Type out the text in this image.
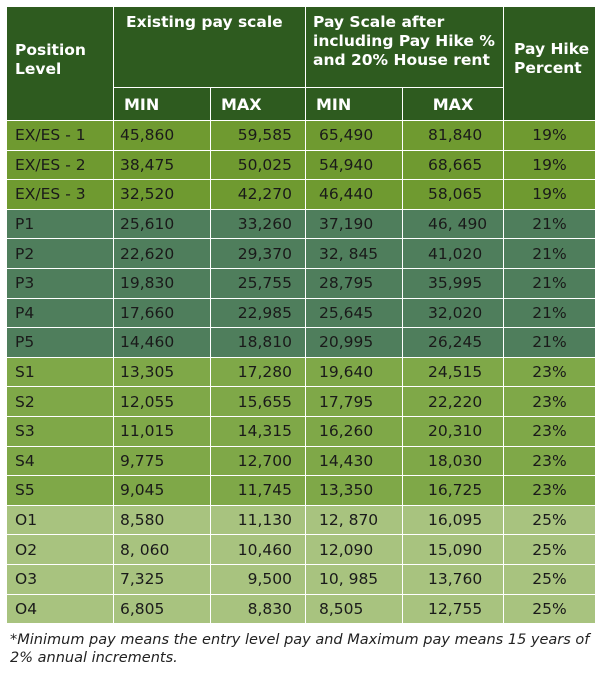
Position Level	Existing pay scale		Pay Scale after including Pay Hike % and 20% House rent		Pay Hike Percent
	MIN	MAX	MIN	MAX	
EX/ES - 1	45,860	59,585	65,490	81,840	19%
EX/ES - 2	38,475	50,025	54,940	68,665	19%
EX/ES - 3	32,520	42,270	46,440	58,065	19%
P1	25,610	33,260	37,190	46, 490	21%
P2	22,620	29,370	32, 845	41,020	21%
P3	19,830	25,755	28,795	35,995	21%
P4	17,660	22,985	25,645	32,020	21%
P5	14,460	18,810	20,995	26,245	21%
S1	13,305	17,280	19,640	24,515	23%
S2	12,055	15,655	17,795	22,220	23%
S3	11,015	14,315	16,260	20,310	23%
S4	9,775	12,700	14,430	18,030	23%
S5	9,045	11,745	13,350	16,725	23%
O1	8,580	11,130	12, 870	16,095	25%
O2	8, 060	10,460	12,090	15,090	25%
O3	7,325	9,500	10, 985	13,760	25%
O4	6,805	8,830	8,505	12,755	25%
*Minimum pay means the entry level pay and Maximum pay means 15 years of 2% annual increments.
